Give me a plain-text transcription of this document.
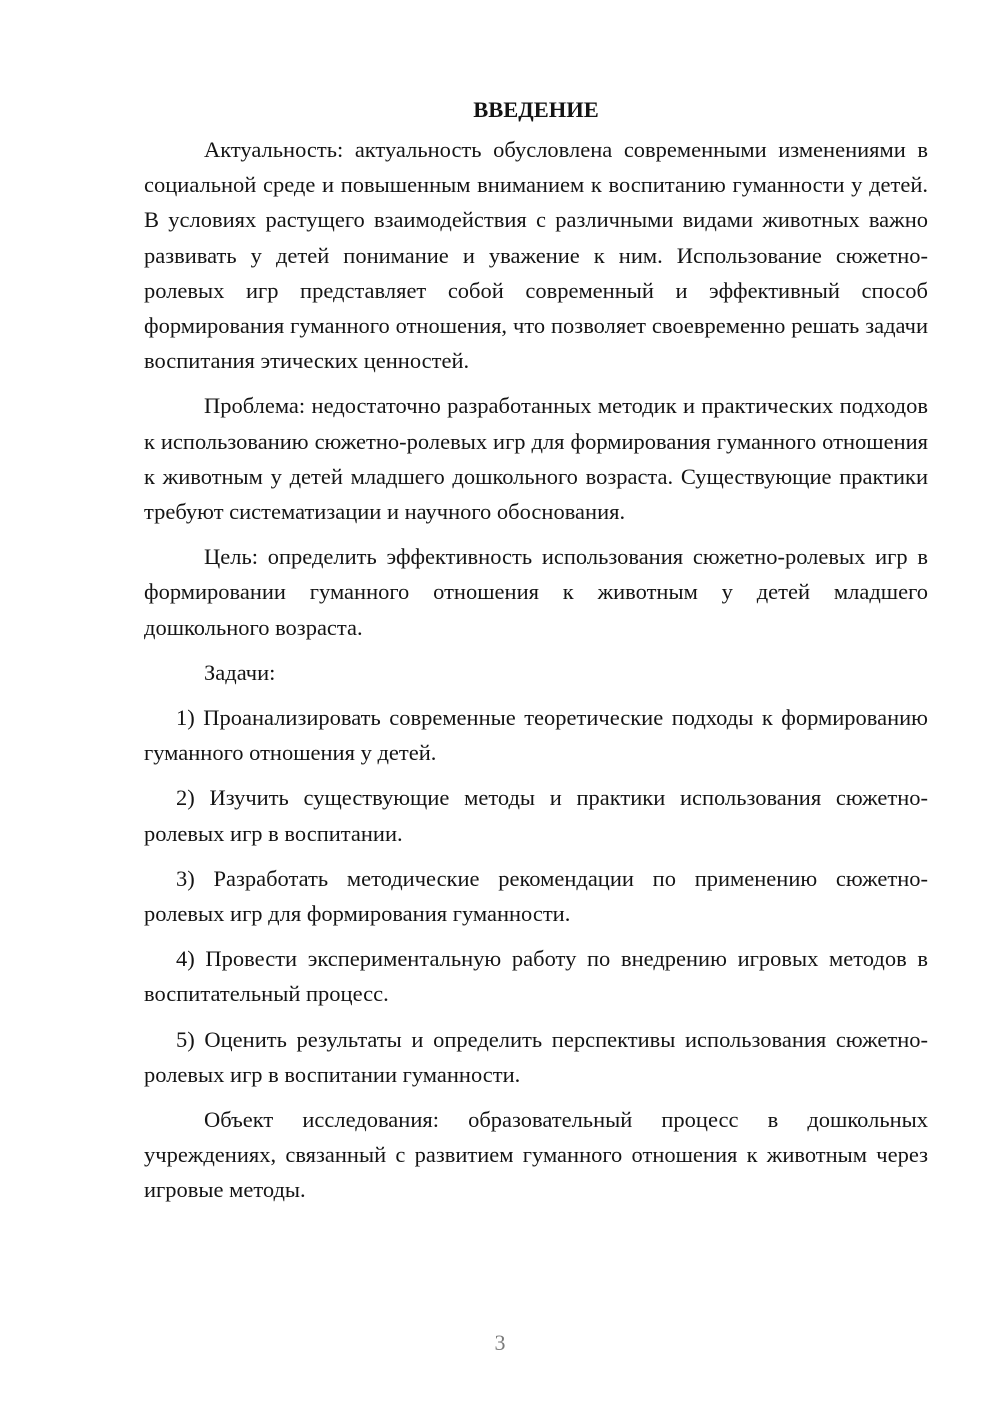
ВВЕДЕНИЕ

Актуальность: актуальность обусловлена современными изменениями в социальной среде и повышенным вниманием к воспитанию гуманности у детей. В условиях растущего взаимодействия с различными видами животных важно развивать у детей понимание и уважение к ним. Использование сюжетно-ролевых игр представляет собой современный и эффективный способ формирования гуманного отношения, что позволяет своевременно решать задачи воспитания этических ценностей.

Проблема: недостаточно разработанных методик и практических подходов к использованию сюжетно-ролевых игр для формирования гуманного отношения к животным у детей младшего дошкольного возраста. Существующие практики требуют систематизации и научного обоснования.

Цель: определить эффективность использования сюжетно-ролевых игр в формировании гуманного отношения к животным у детей младшего дошкольного возраста.

Задачи:

1) Проанализировать современные теоретические подходы к формированию гуманного отношения у детей.

2) Изучить существующие методы и практики использования сюжетно-ролевых игр в воспитании.

3) Разработать методические рекомендации по применению сюжетно-ролевых игр для формирования гуманности.

4) Провести экспериментальную работу по внедрению игровых методов в воспитательный процесс.

5) Оценить результаты и определить перспективы использования сюжетно-ролевых игр в воспитании гуманности.

Объект исследования: образовательный процесс в дошкольных учреждениях, связанный с развитием гуманного отношения к животным через игровые методы.

3
